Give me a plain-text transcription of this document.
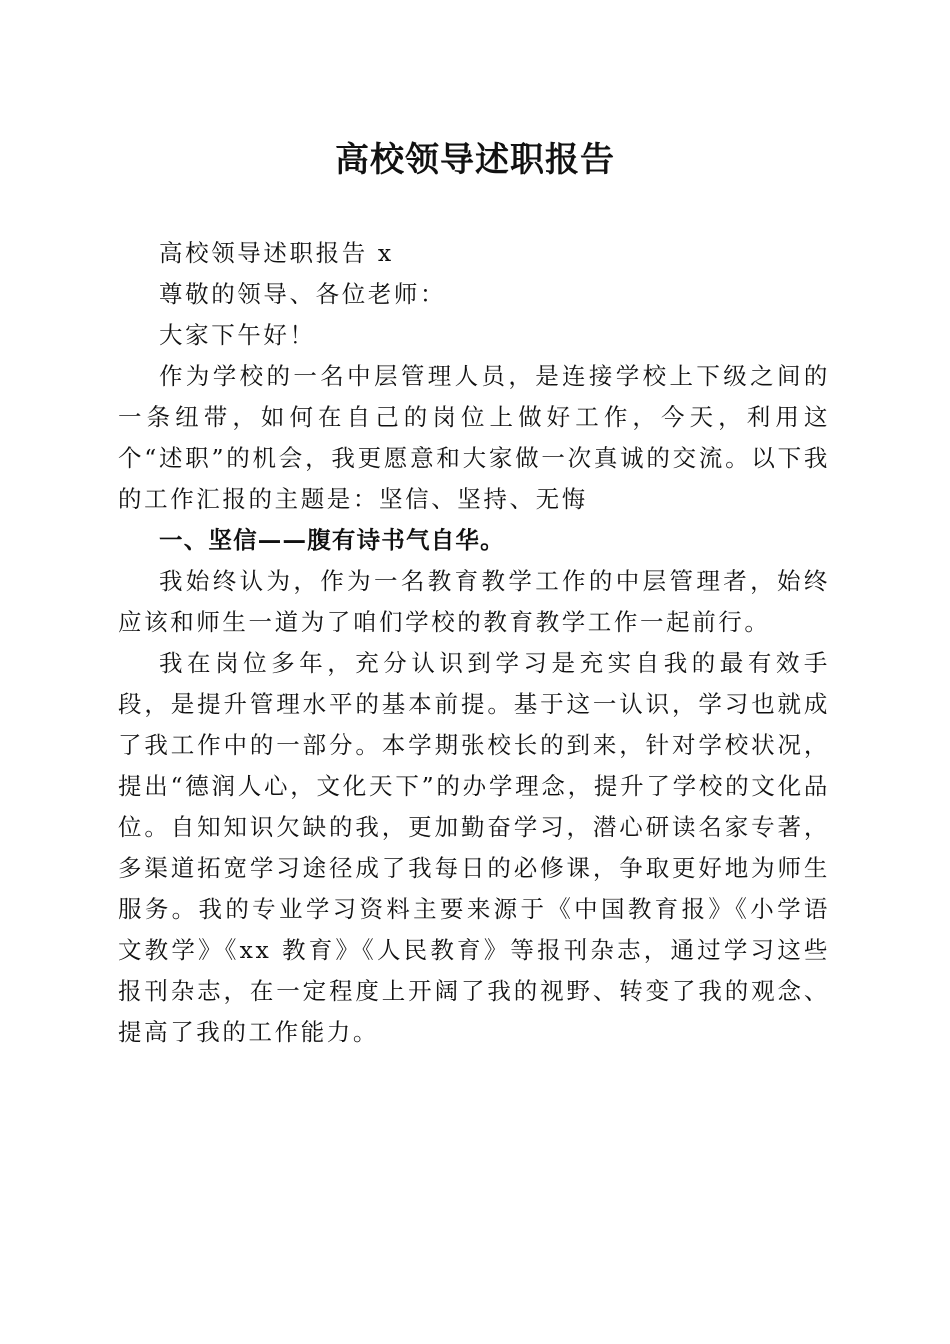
高校领导述职报告

高校领导述职报告 x

尊敬的领导、各位老师：

大家下午好！

作为学校的一名中层管理人员，是连接学校上下级之间的一条纽带，如何在自己的岗位上做好工作，今天，利用这个“述职”的机会，我更愿意和大家做一次真诚的交流。以下我的工作汇报的主题是：坚信、坚持、无悔

一、坚信——腹有诗书气自华。

我始终认为，作为一名教育教学工作的中层管理者，始终应该和师生一道为了咱们学校的教育教学工作一起前行。

我在岗位多年，充分认识到学习是充实自我的最有效手段，是提升管理水平的基本前提。基于这一认识，学习也就成了我工作中的一部分。本学期张校长的到来，针对学校状况，提出“德润人心，文化天下”的办学理念，提升了学校的文化品位。自知知识欠缺的我，更加勤奋学习，潜心研读名家专著，多渠道拓宽学习途径成了我每日的必修课，争取更好地为师生服务。我的专业学习资料主要来源于《中国教育报》《小学语文教学》《xx 教育》《人民教育》等报刊杂志，通过学习这些报刊杂志，在一定程度上开阔了我的视野、转变了我的观念、提高了我的工作能力。
